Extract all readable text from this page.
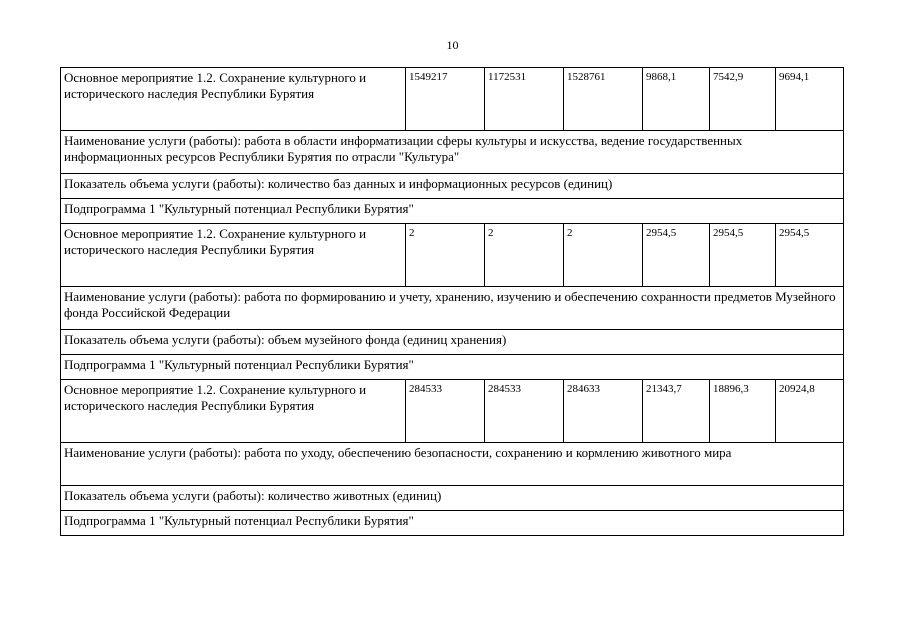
10
Основное мероприятие 1.2. Сохранение культурного и исторического наследия Республики Бурятия	1549217	1172531	1528761	9868,1	7542,9	9694,1
Наименование услуги (работы): работа в области информатизации сферы культуры и искусства, ведение государственных информационных ресурсов Республики Бурятия по отрасли "Культура"						
Показатель объема услуги (работы): количество баз данных и информационных ресурсов (единиц)						
Подпрограмма 1 "Культурный потенциал Республики Бурятия"						
Основное мероприятие 1.2. Сохранение культурного и исторического наследия Республики Бурятия	2	2	2	2954,5	2954,5	2954,5
Наименование услуги (работы): работа по формированию и учету, хранению, изучению и обеспечению сохранности предметов Музейного фонда Российской Федерации						
Показатель объема услуги (работы): объем музейного фонда (единиц хранения)						
Подпрограмма 1 "Культурный потенциал Республики Бурятия"						
Основное мероприятие 1.2. Сохранение культурного и исторического наследия Республики Бурятия	284533	284533	284633	21343,7	18896,3	20924,8
Наименование услуги (работы): работа по уходу, обеспечению безопасности, сохранению и кормлению животного мира						
Показатель объема услуги (работы): количество животных (единиц)						
Подпрограмма 1 "Культурный потенциал Республики Бурятия"						
